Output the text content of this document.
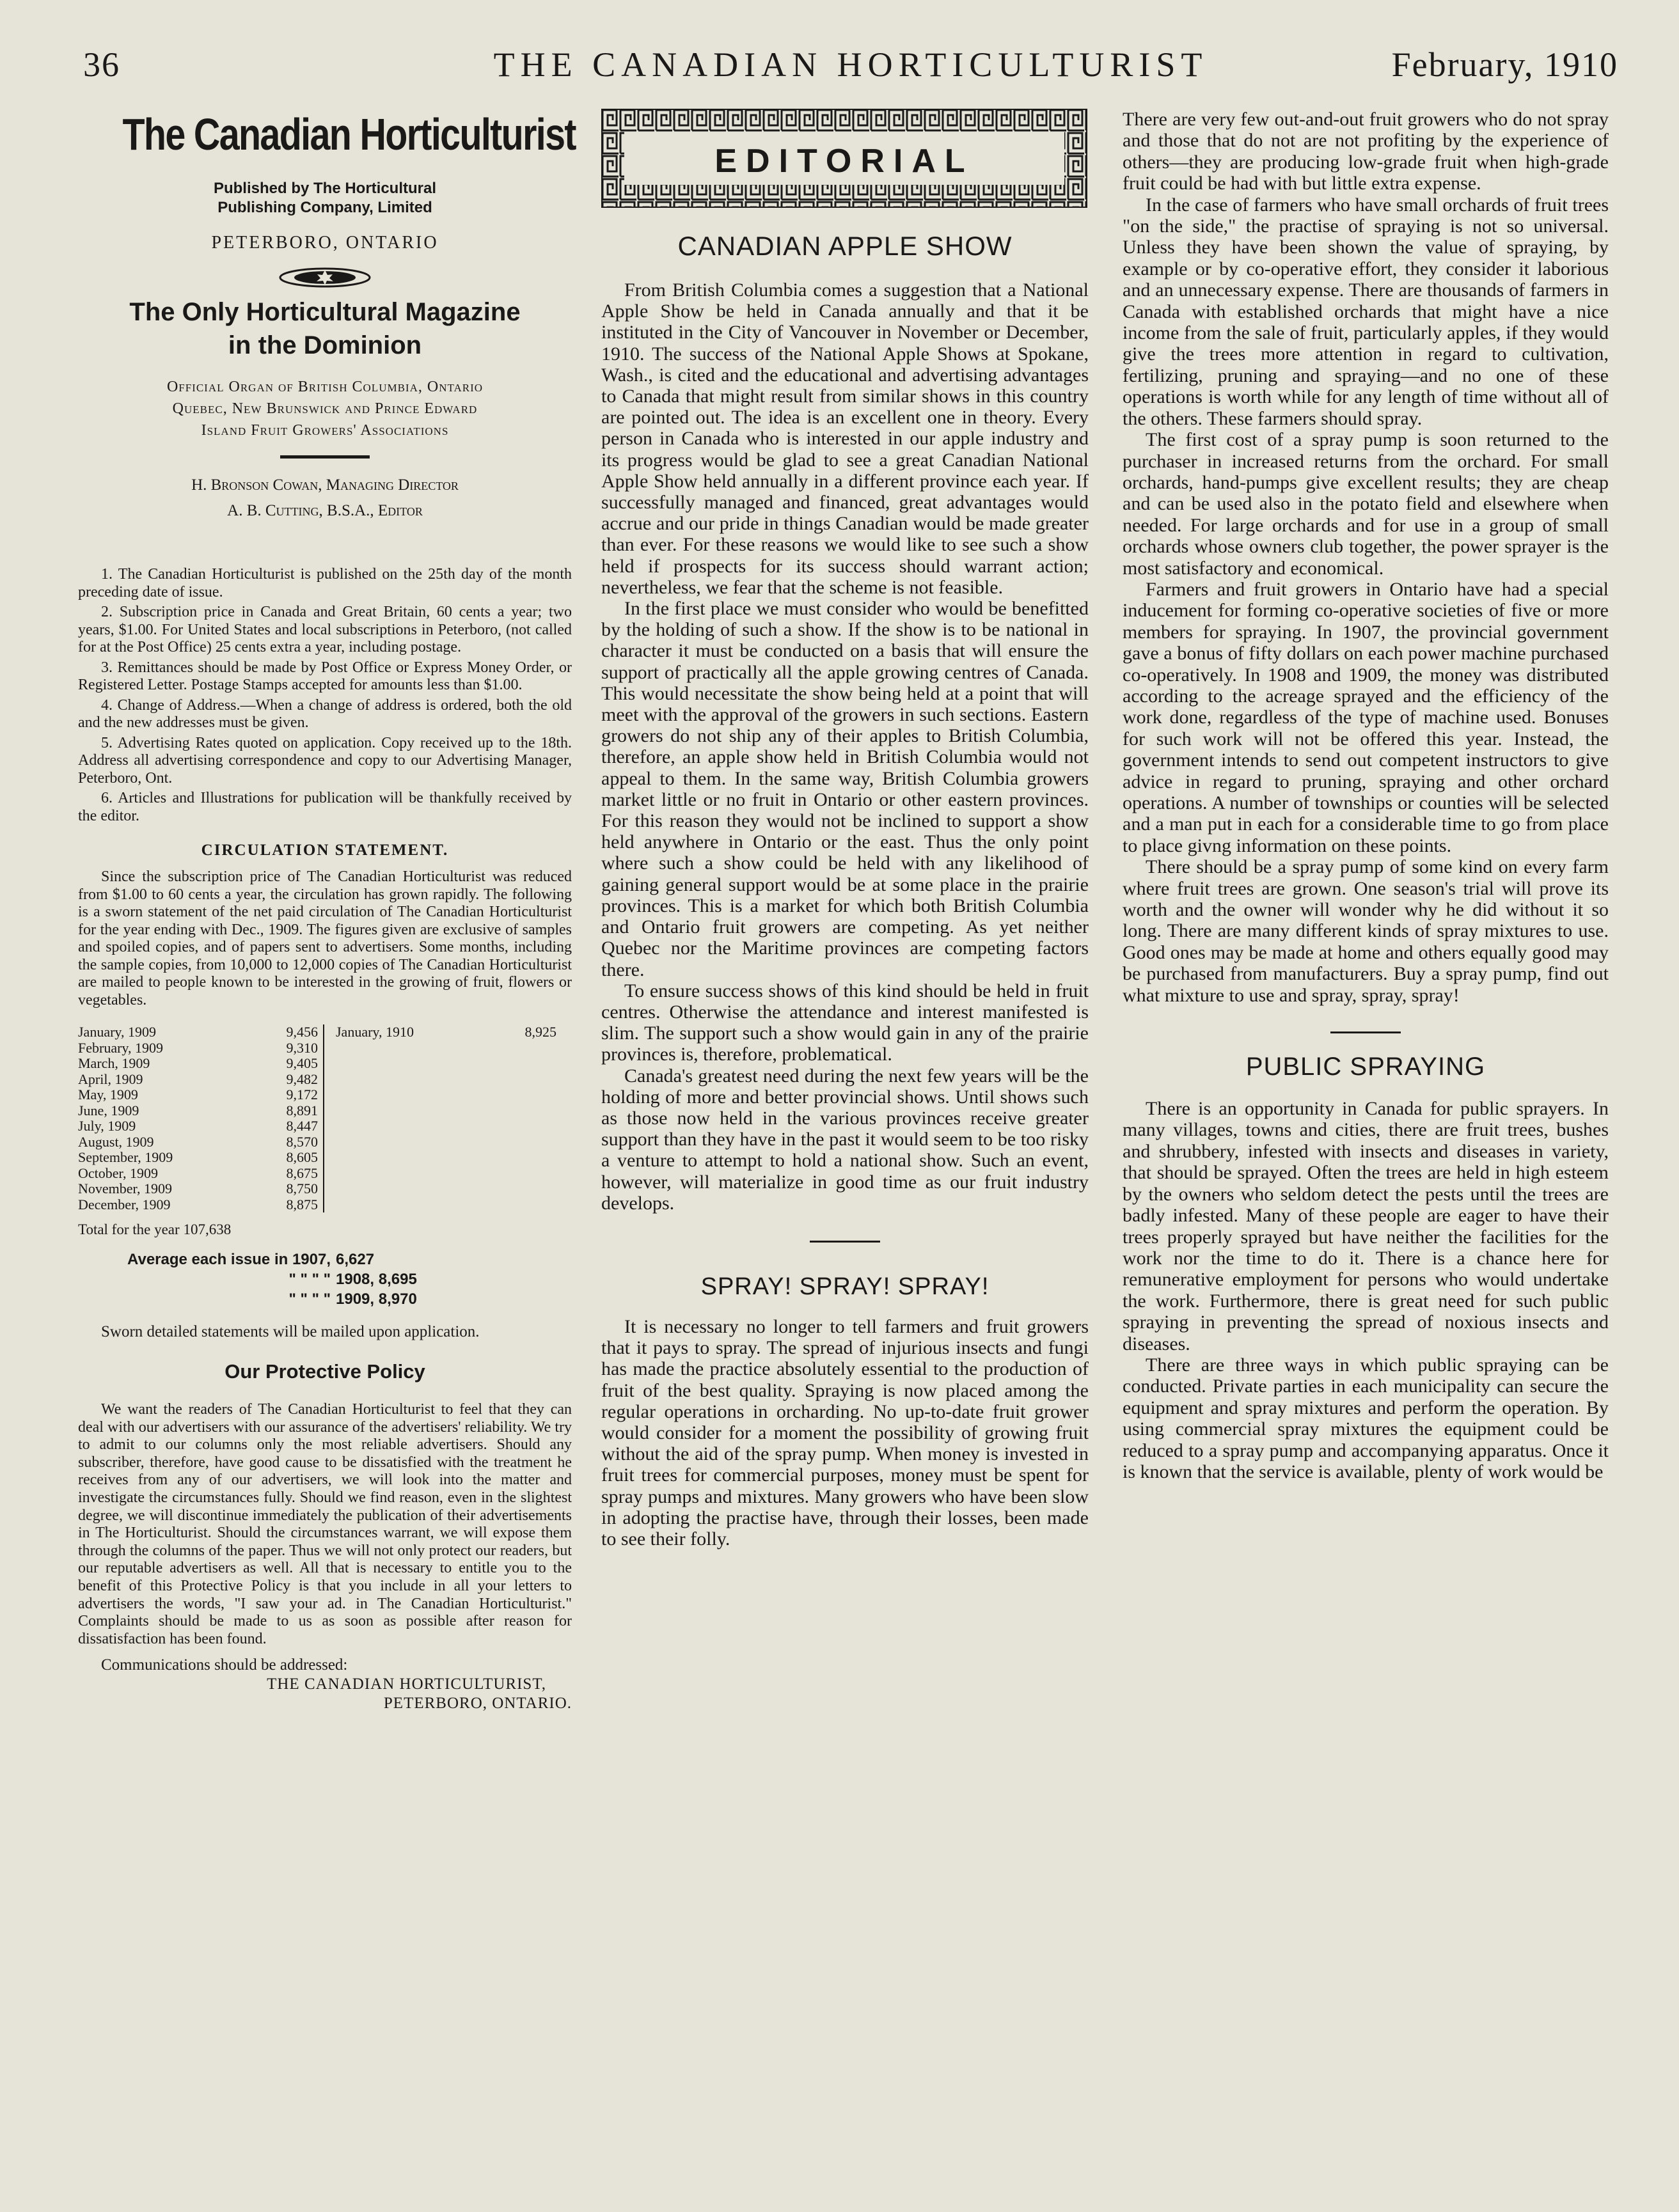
36	THE CANADIAN HORTICULTURIST	February, 1910
The Canadian Horticulturist
Published by The Horticultural
Publishing Company, Limited
PETERBORO, ONTARIO
The Only Horticultural Magazine
in the Dominion
Official Organ of British Columbia, Ontario
Quebec, New Brunswick and Prince Edward
Island Fruit Growers' Associations
H. Bronson Cowan, Managing Director
A. B. Cutting, B.S.A., Editor

1. The Canadian Horticulturist is published on the 25th day of the month preceding date of issue.

2. Subscription price in Canada and Great Britain, 60 cents a year; two years, $1.00. For United States and local subscriptions in Peterboro, (not called for at the Post Office) 25 cents extra a year, including postage.

3. Remittances should be made by Post Office or Express Money Order, or Registered Letter. Postage Stamps accepted for amounts less than $1.00.

4. Change of Address.—When a change of address is ordered, both the old and the new addresses must be given.

5. Advertising Rates quoted on application. Copy received up to the 18th. Address all advertising correspondence and copy to our Advertising Manager, Peterboro, Ont.

6. Articles and Illustrations for publication will be thankfully received by the editor.

CIRCULATION STATEMENT.

Since the subscription price of The Canadian Horticulturist was reduced from $1.00 to 60 cents a year, the circulation has grown rapidly. The following is a sworn statement of the net paid circulation of The Canadian Horticulturist for the year ending with Dec., 1909. The figures given are exclusive of samples and spoiled copies, and of papers sent to advertisers. Some months, including the sample copies, from 10,000 to 12,000 copies of The Canadian Horticulturist are mailed to people known to be interested in the growing of fruit, flowers or vegetables.

January, 1909	9,456
February, 1909	9,310
March, 1909	9,405
April, 1909	9,482
May, 1909	9,172
June, 1909	8,891
July, 1909	8,447
August, 1909	8,570
September, 1909	8,605
October, 1909	8,675
November, 1909	8,750
December, 1909	8,875
January, 1910	8,925
Total for the year 107,638
Average each issue in 1907, 6,627
" " " " 1908, 8,695
" " " " 1909, 8,970

Sworn detailed statements will be mailed upon application.

Our Protective Policy

We want the readers of The Canadian Horticulturist to feel that they can deal with our advertisers with our assurance of the advertisers' reliability. We try to admit to our columns only the most reliable advertisers. Should any subscriber, therefore, have good cause to be dissatisfied with the treatment he receives from any of our advertisers, we will look into the matter and investigate the circumstances fully. Should we find reason, even in the slightest degree, we will discontinue immediately the publication of their advertisements in The Horticulturist. Should the circumstances warrant, we will expose them through the columns of the paper. Thus we will not only protect our readers, but our reputable advertisers as well. All that is necessary to entitle you to the benefit of this Protective Policy is that you include in all your letters to advertisers the words, "I saw your ad. in The Canadian Horticulturist." Complaints should be made to us as soon as possible after reason for dissatisfaction has been found.

Communications should be addressed:

THE CANADIAN HORTICULTURIST,
PETERBORO, ONTARIO.
EDITORIAL
CANADIAN APPLE SHOW

From British Columbia comes a suggestion that a National Apple Show be held in Canada annually and that it be instituted in the City of Vancouver in November or December, 1910. The success of the National Apple Shows at Spokane, Wash., is cited and the educational and advertising advantages to Canada that might result from similar shows in this country are pointed out. The idea is an excellent one in theory. Every person in Canada who is interested in our apple industry and its progress would be glad to see a great Canadian National Apple Show held annually in a different province each year. If successfully managed and financed, great advantages would accrue and our pride in things Canadian would be made greater than ever. For these reasons we would like to see such a show held if prospects for its success should warrant action; nevertheless, we fear that the scheme is not feasible.

In the first place we must consider who would be benefitted by the holding of such a show. If the show is to be national in character it must be conducted on a basis that will ensure the support of practically all the apple growing centres of Canada. This would necessitate the show being held at a point that will meet with the approval of the growers in such sections. Eastern growers do not ship any of their apples to British Columbia, therefore, an apple show held in British Columbia would not appeal to them. In the same way, British Columbia growers market little or no fruit in Ontario or other eastern provinces. For this reason they would not be inclined to support a show held anywhere in Ontario or the east. Thus the only point where such a show could be held with any likelihood of gaining general support would be at some place in the prairie provinces. This is a market for which both British Columbia and Ontario fruit growers are competing. As yet neither Quebec nor the Maritime provinces are competing factors there.

To ensure success shows of this kind should be held in fruit centres. Otherwise the attendance and interest manifested is slim. The support such a show would gain in any of the prairie provinces is, therefore, problematical.

Canada's greatest need during the next few years will be the holding of more and better provincial shows. Until shows such as those now held in the various provinces receive greater support than they have in the past it would seem to be too risky a venture to attempt to hold a national show. Such an event, however, will materialize in good time as our fruit industry develops.

SPRAY! SPRAY! SPRAY!

It is necessary no longer to tell farmers and fruit growers that it pays to spray. The spread of injurious insects and fungi has made the practice absolutely essential to the production of fruit of the best quality. Spraying is now placed among the regular operations in orcharding. No up-to-date fruit grower would consider for a moment the possibility of growing fruit without the aid of the spray pump. When money is invested in fruit trees for commercial purposes, money must be spent for spray pumps and mixtures. Many growers who have been slow in adopting the practise have, through their losses, been made to see their folly.

There are very few out-and-out fruit growers who do not spray and those that do not are not profiting by the experience of others—they are producing low-grade fruit when high-grade fruit could be had with but little extra expense.

In the case of farmers who have small orchards of fruit trees "on the side," the practise of spraying is not so universal. Unless they have been shown the value of spraying, by example or by co-operative effort, they consider it laborious and an unnecessary expense. There are thousands of farmers in Canada with established orchards that might have a nice income from the sale of fruit, particularly apples, if they would give the trees more attention in regard to cultivation, fertilizing, pruning and spraying—and no one of these operations is worth while for any length of time without all of the others. These farmers should spray.

The first cost of a spray pump is soon returned to the purchaser in increased returns from the orchard. For small orchards, hand-pumps give excellent results; they are cheap and can be used also in the potato field and elsewhere when needed. For large orchards and for use in a group of small orchards whose owners club together, the power sprayer is the most satisfactory and economical.

Farmers and fruit growers in Ontario have had a special inducement for forming co-operative societies of five or more members for spraying. In 1907, the provincial government gave a bonus of fifty dollars on each power machine purchased co-operatively. In 1908 and 1909, the money was distributed according to the acreage sprayed and the efficiency of the work done, regardless of the type of machine used. Bonuses for such work will not be offered this year. Instead, the government intends to send out competent instructors to give advice in regard to pruning, spraying and other orchard operations. A number of townships or counties will be selected and a man put in each for a considerable time to go from place to place givng information on these points.

There should be a spray pump of some kind on every farm where fruit trees are grown. One season's trial will prove its worth and the owner will wonder why he did without it so long. There are many different kinds of spray mixtures to use. Good ones may be made at home and others equally good may be purchased from manufacturers. Buy a spray pump, find out what mixture to use and spray, spray, spray!

PUBLIC SPRAYING

There is an opportunity in Canada for public sprayers. In many villages, towns and cities, there are fruit trees, bushes and shrubbery, infested with insects and diseases in variety, that should be sprayed. Often the trees are held in high esteem by the owners who seldom detect the pests until the trees are badly infested. Many of these people are eager to have their trees properly sprayed but have neither the facilities for the work nor the time to do it. There is a chance here for remunerative employment for persons who would undertake the work. Furthermore, there is great need for such public spraying in preventing the spread of noxious insects and diseases.

There are three ways in which public spraying can be conducted. Private parties in each municipality can secure the equipment and spray mixtures and perform the operation. By using commercial spray mixtures the equipment could be reduced to a spray pump and accompanying apparatus. Once it is known that the service is available, plenty of work would be
